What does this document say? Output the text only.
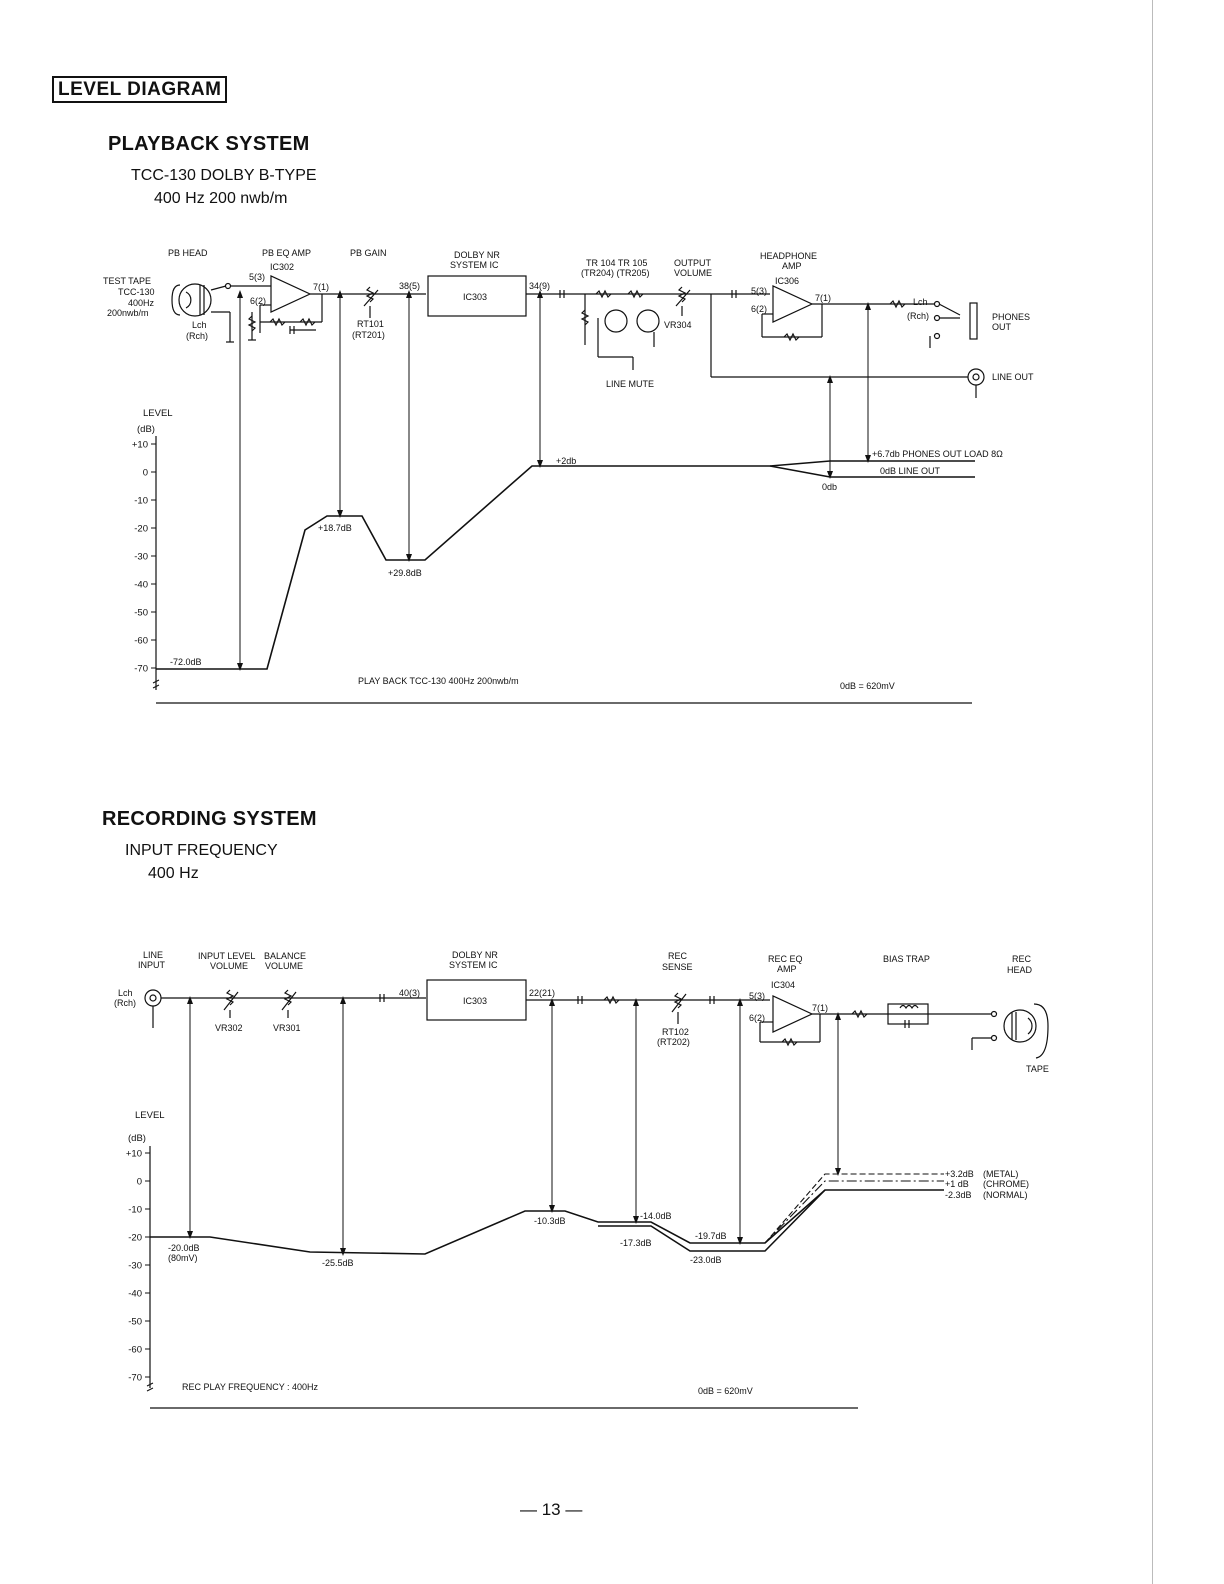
LEVEL DIAGRAM
PLAYBACK SYSTEM
TCC-130 DOLBY B-TYPE
400 Hz 200 nwb/m
RECORDING SYSTEM
INPUT FREQUENCY
400 Hz
— 13 —
PB HEAD
TEST TAPE
TCC-130
400Hz
200nwb/m
Lch
(Rch)
PB EQ AMP
IC302
5(3)
6(2)
7(1)
PB GAIN
RT101
(RT201)
DOLBY NR
SYSTEM IC
IC303
38(5)	34(9)
TR 104 TR 105
(TR204) (TR205)
OUTPUT
VOLUME
VR304
LINE MUTE
HEADPHONE
AMP
IC306
5(3)
6(2)
7(1)	Lch
(Rch)	PHONES
OUT
LINE OUT
LEVEL
(dB)
+10
0
-10
-20
-30
-40
-50
-60
-70
-72.0dB
+18.7dB
+29.8dB
+2db
+6.7db PHONES OUT LOAD 8Ω
0dB LINE OUT
0db
PLAY BACK TCC-130 400Hz 200nwb/m	0dB = 620mV
LINE
INPUT
Lch
(Rch)
INPUT LEVEL
VOLUME
BALANCE
VOLUME
VR302	VR301
DOLBY NR
SYSTEM IC
IC303
40(3)	22(21)
REC
SENSE
RT102
(RT202)
REC EQ
AMP
IC304
5(3)
6(2)
7(1)
BIAS TRAP	REC
HEAD
TAPE
LEVEL
(dB)
+10
0
-10
-20
-30
-40
-50
-60
-70
-20.0dB
(80mV)	-25.5dB
-10.3dB	-14.0dB
-17.3dB
-19.7dB
-23.0dB
+3.2dB
+1 dB
-2.3dB
(METAL)
(CHROME)
(NORMAL)
REC PLAY FREQUENCY : 400Hz	0dB = 620mV
